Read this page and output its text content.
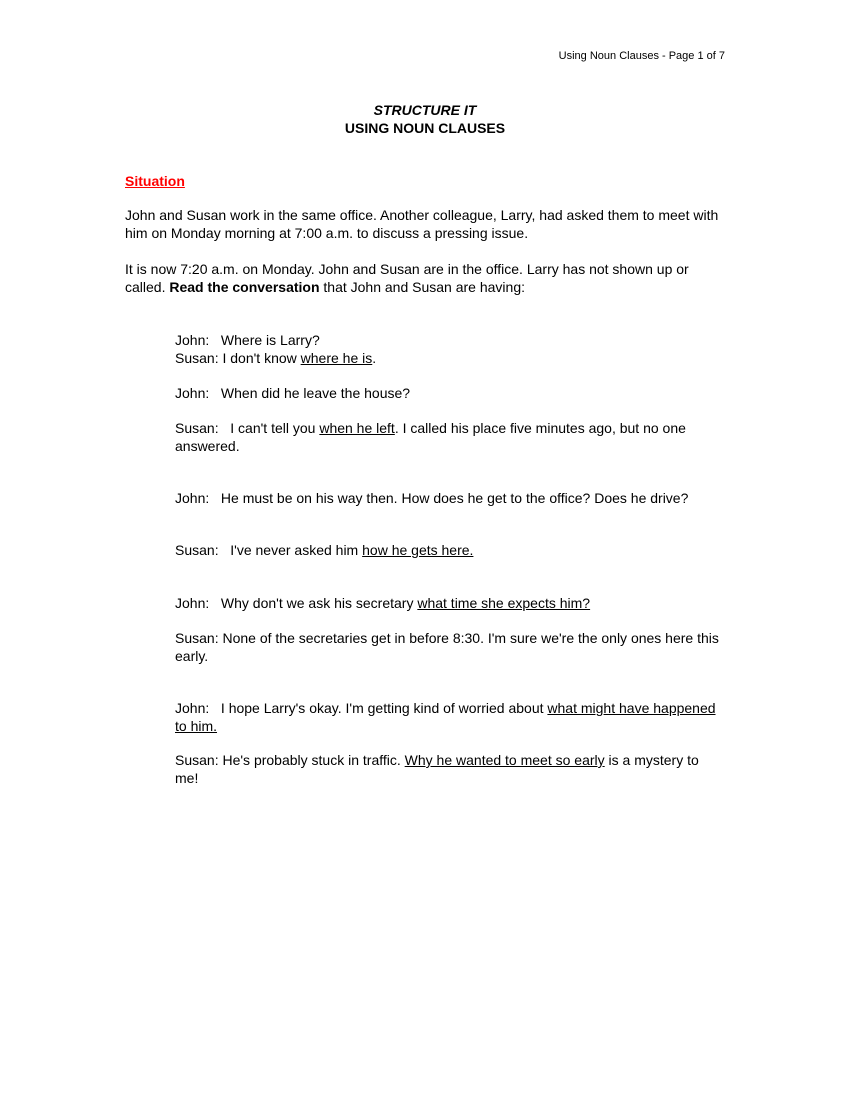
Using Noun Clauses - Page 1 of 7
STRUCTURE IT
USING NOUN CLAUSES
Situation
John and Susan work in the same office. Another colleague, Larry, had asked them to meet with him on Monday morning at 7:00 a.m. to discuss a pressing issue.
It is now 7:20 a.m. on Monday. John and Susan are in the office. Larry has not shown up or called. Read the conversation that John and Susan are having:
John:   Where is Larry?
Susan: I don't know where he is.
John:   When did he leave the house?
Susan:   I can't tell you when he left. I called his place five minutes ago, but no one answered.
John:   He must be on his way then. How does he get to the office? Does he drive?
Susan:   I've never asked him how he gets here.
John:   Why don't we ask his secretary what time she expects him?
Susan: None of the secretaries get in before 8:30. I'm sure we're the only ones here this early.
John:   I hope Larry's okay. I'm getting kind of worried about what might have happened to him.
Susan: He's probably stuck in traffic. Why he wanted to meet so early is a mystery to me!
